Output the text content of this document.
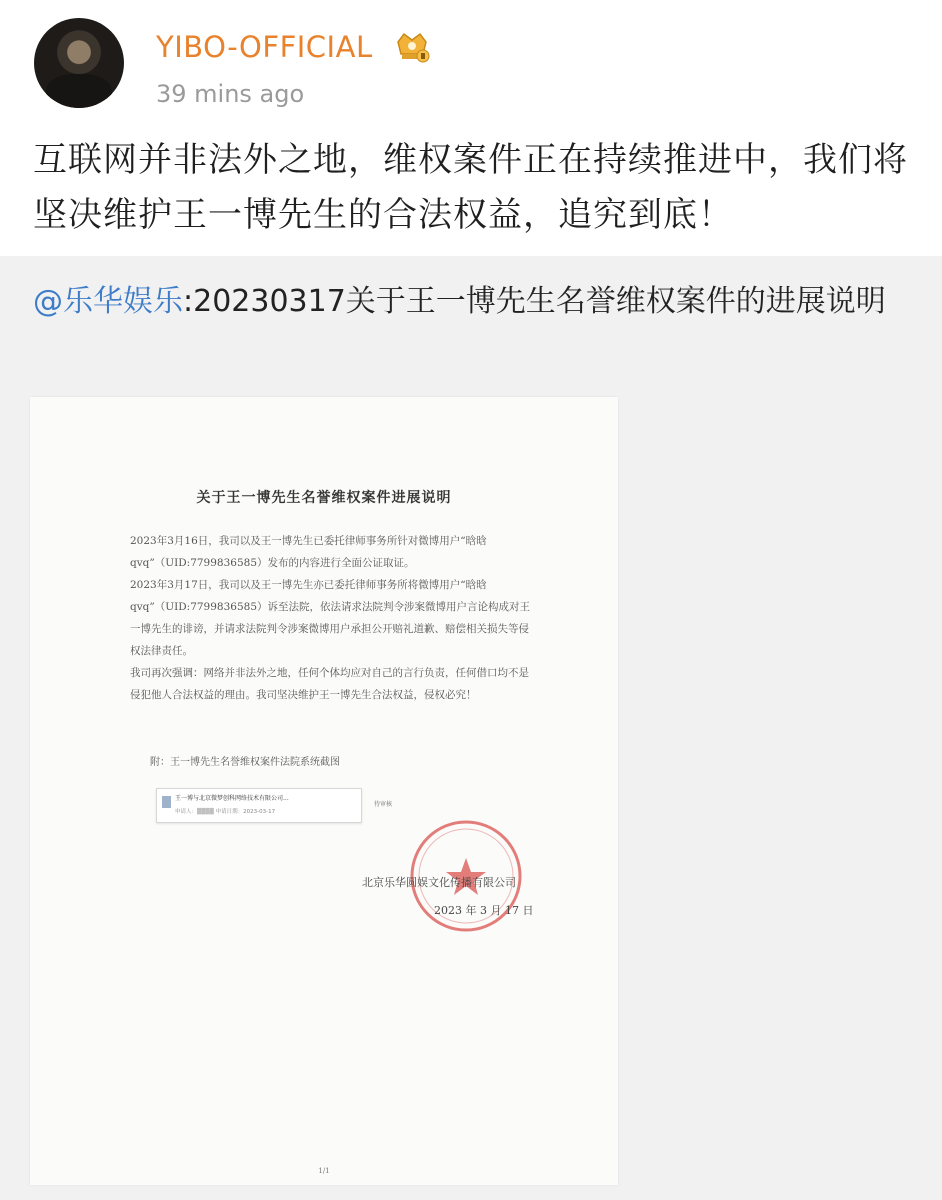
YIBO-OFFICIAL
39 mins ago
互联网并非法外之地，维权案件正在持续推进中，我们将坚决维护王一博先生的合法权益，追究到底！
@乐华娱乐:20230317关于王一博先生名誉维权案件的进展说明
关于王一博先生名誉维权案件进展说明
2023年3月16日，我司以及王一博先生已委托律师事务所针对微博用户“晗晗qvq”（UID:7799836585）发布的内容进行全面公证取证。
2023年3月17日，我司以及王一博先生亦已委托律师事务所将微博用户“晗晗qvq”（UID:7799836585）诉至法院，依法请求法院判令涉案微博用户言论构成对王一博先生的诽谤，并请求法院判令涉案微博用户承担公开赔礼道歉、赔偿相关损失等侵权法律责任。
我司再次强调：网络并非法外之地，任何个体均应对自己的言行负责，任何借口均不是侵犯他人合法权益的理由。我司坚决维护王一博先生合法权益，侵权必究！
附：王一博先生名誉维权案件法院系统截图
王一博与北京微梦创科网络技术有限公司...
申请人：▒▒▒▒ 申请日期：2023-03-17
待审核
北京乐华圆娱文化传播有限公司
2023 年 3 月 17 日
1/1
